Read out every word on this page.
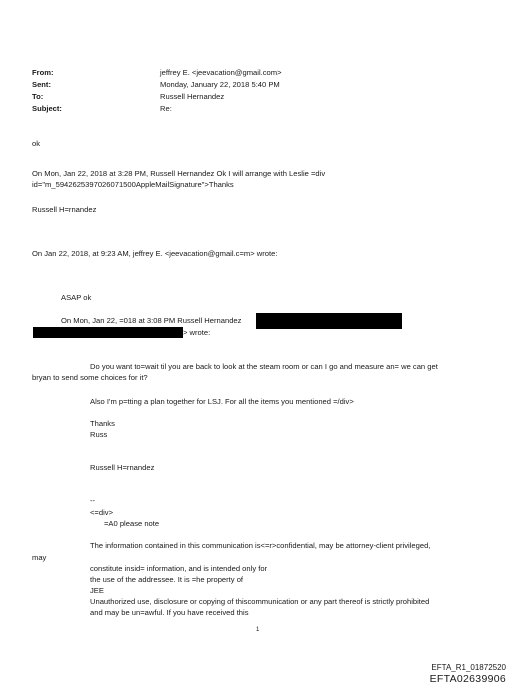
From:
Sent:
To:
Subject:
jeffrey E. <jeevacation@gmail.com>
Monday, January 22, 2018 5:40 PM
Russell Hernandez
Re:
ok
On Mon, Jan 22, 2018 at 3:28 PM, Russell Hernandez Ok I will arrange with Leslie =div
id="m_5942625397026071500AppleMailSignature">Thanks
Russell H=rnandez
On Jan 22, 2018, at 9:23 AM, jeffrey E. <jeevacation@gmail.c=m> wrote:
ASAP ok
On Mon, Jan 22, =018 at 3:08 PM Russell Hernandez
> wrote:
Do you want to=wait til you are back to look at the steam room or can I go and measure an= we can get
bryan to send some choices for it?
Also I'm p=tting a plan together for LSJ. For all the items you mentioned =/div>
Thanks
Russ
Russell H=rnandez
--
<=div>
=A0 please note
The information contained in this communication is<=r>confidential, may be attorney-client privileged,
may
constitute insid= information, and is intended only for
the use of the addressee. It is =he property of
JEE
Unauthorized use, disclosure or copying of thiscommunication or any part thereof is strictly prohibited
and may be un=awful. If you have received this
1
EFTA_R1_01872520
EFTA02639906
